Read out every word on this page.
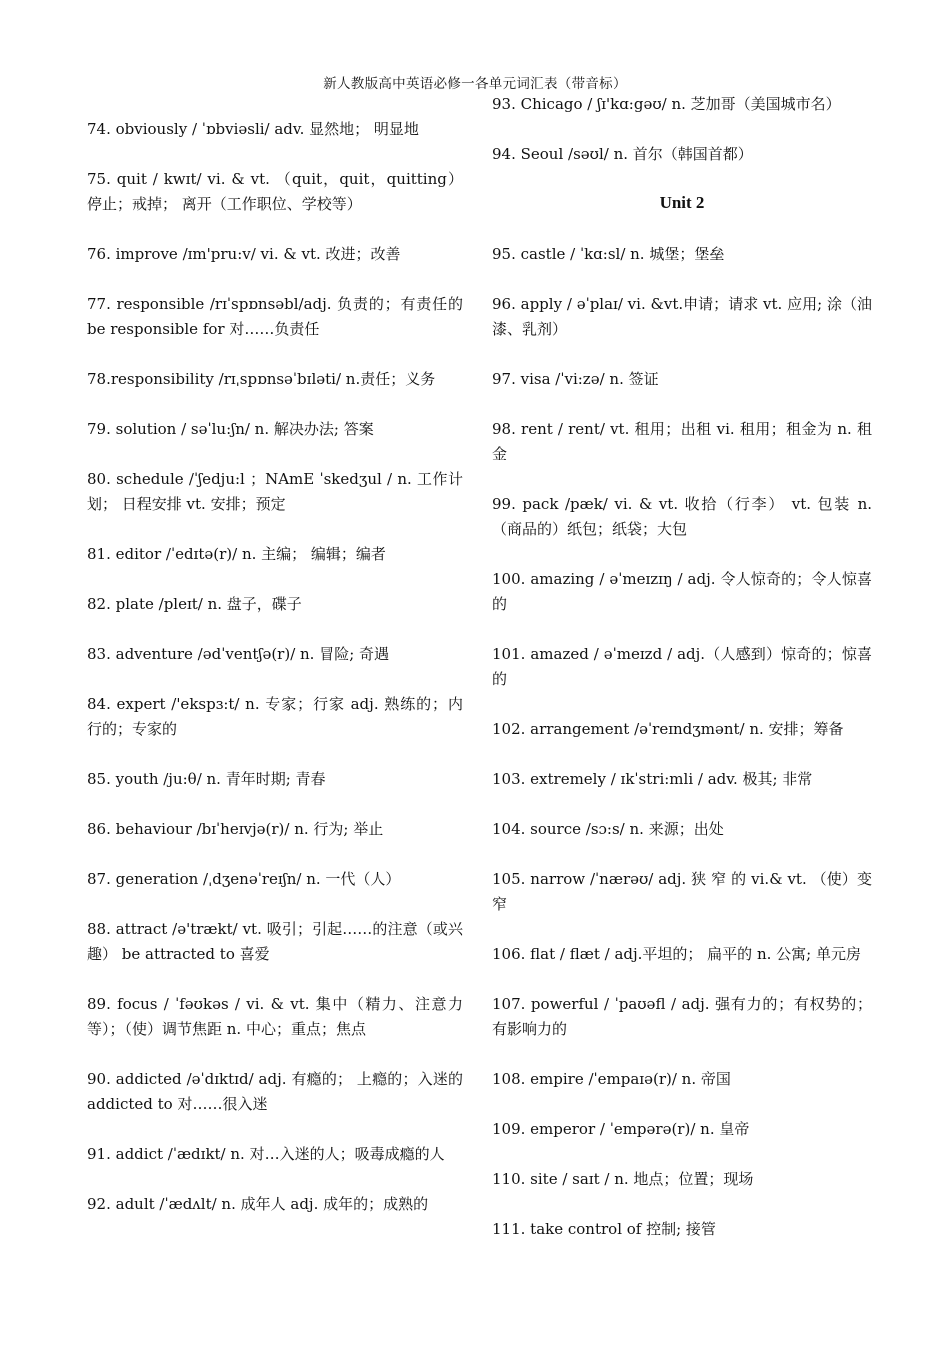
新人教版高中英语必修一各单元词汇表（带音标）

74. obviously / ˈɒbviəsli/ adv. 显然地； 明显地

75. quit / kwɪt/ vi. & vt. （quit，quit，quitting） 停止；戒掉； 离开（工作职位、学校等）

76. improve /ɪm'pru:v/ vi. & vt. 改进；改善

77. responsible /rɪˈspɒnsəbl/adj. 负责的；有责任的 be responsible for 对……负责任

78.responsibility /rɪˌspɒnsəˈbɪləti/ n.责任；义务

79. solution / səˈlu:ʃn/ n. 解决办法; 答案

80. schedule /ˈʃedju:l ；NAmE ˈskedʒul / n. 工作计划； 日程安排 vt. 安排；预定

81. editor /ˈedɪtə(r)/ n. 主编； 编辑；编者

82. plate /pleɪt/ n. 盘子，碟子

83. adventure /ədˈventʃə(r)/ n. 冒险; 奇遇

84. expert /'ekspɜ:t/ n. 专家；行家 adj. 熟练的；内行的；专家的

85. youth /ju:θ/ n. 青年时期; 青春

86. behaviour /bɪˈheɪvjə(r)/ n. 行为; 举止

87. generation /ˌdʒenəˈreɪʃn/ n. 一代（人）

88. attract /ə'trækt/ vt. 吸引；引起……的注意（或兴趣） be attracted to 喜爱

89. focus / ˈfəʊkəs / vi. & vt. 集中（精力、注意力等）；（使）调节焦距 n. 中心；重点；焦点

90. addicted /əˈdɪktɪd/ adj. 有瘾的； 上瘾的；入迷的 addicted to 对……很入迷

91. addict /ˈædɪkt/ n. 对…入迷的人；吸毒成瘾的人

92. adult /ˈædʌlt/ n. 成年人 adj. 成年的；成熟的

93. Chicago / ʃɪ'kɑ:gəʊ/ n. 芝加哥（美国城市名）

94. Seoul /səʊl/ n. 首尔（韩国首都）

Unit 2

95. castle / ˈkɑ:sl/ n. 城堡；堡垒

96. apply / əˈplaɪ/ vi. &vt.申请；请求 vt. 应用; 涂（油漆、乳剂）

97. visa /ˈvi:zə/ n. 签证

98. rent / rent/ vt. 租用；出租 vi. 租用；租金为 n. 租金

99. pack /pæk/ vi. & vt. 收拾（行李） vt. 包装 n. （商品的）纸包；纸袋；大包

100. amazing / əˈmeɪzɪŋ / adj. 令人惊奇的；令人惊喜的

101. amazed / əˈmeɪzd / adj.（人感到）惊奇的；惊喜的

102. arrangement /əˈreɪndʒmənt/ n. 安排；筹备

103. extremely / ɪkˈstri:mli / adv. 极其; 非常

104. source /sɔ:s/ n. 来源；出处

105. narrow /ˈnærəʊ/ adj. 狭 窄 的 vi.& vt. （使）变窄

106. flat / flæt / adj.平坦的； 扁平的 n. 公寓; 单元房

107. powerful / ˈpaʊəfl / adj. 强有力的；有权势的；有影响力的

108. empire /ˈempaɪə(r)/ n. 帝国

109. emperor / ˈempərə(r)/ n. 皇帝

110. site / saɪt / n. 地点；位置；现场

111. take control of 控制; 接管
